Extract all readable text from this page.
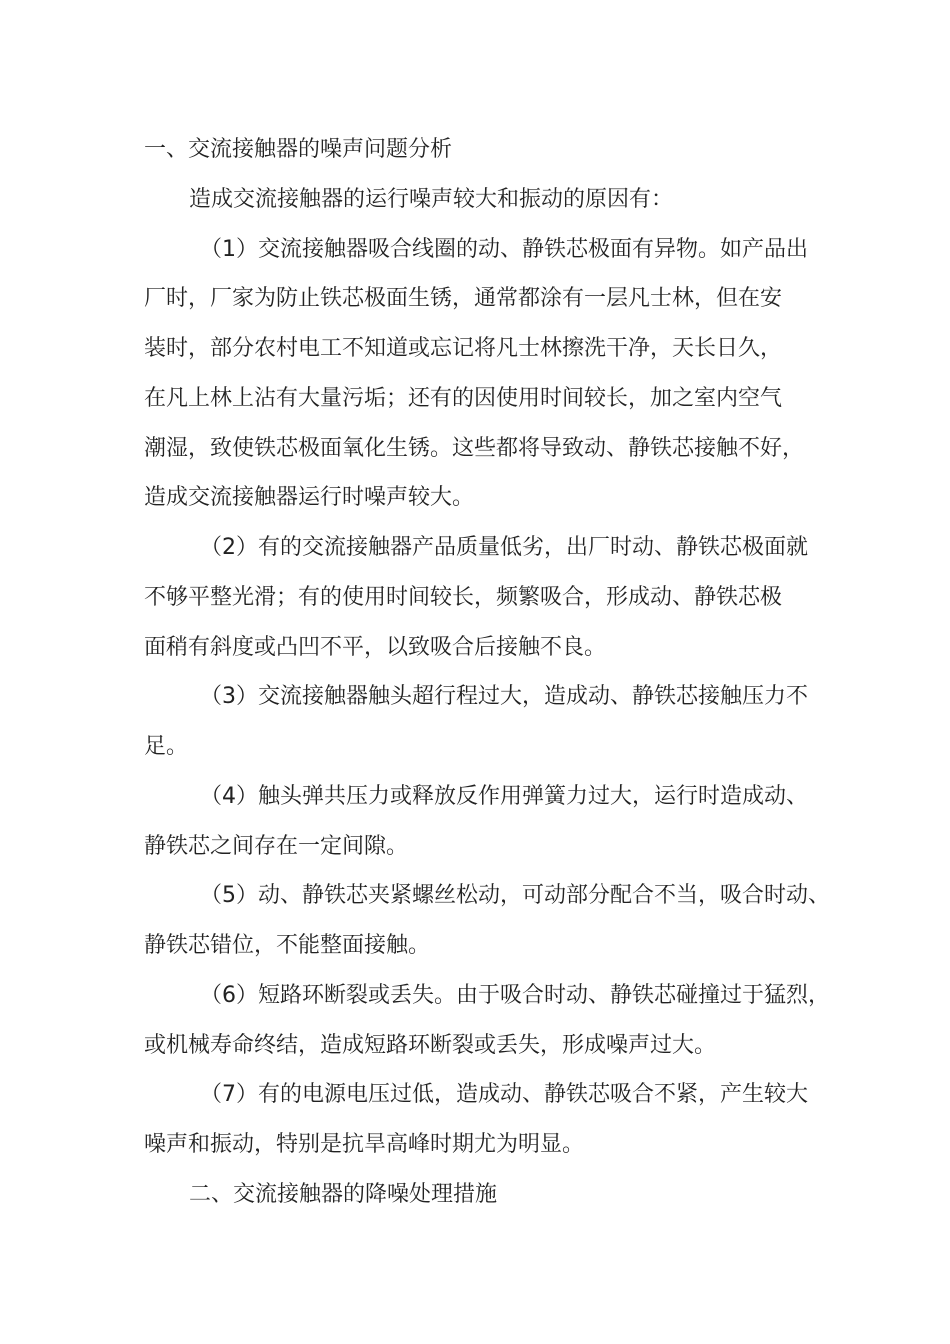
一、交流接触器的噪声问题分析
造成交流接触器的运行噪声较大和振动的原因有：
（1）交流接触器吸合线圈的动、静铁芯极面有异物。如产品出
厂时，厂家为防止铁芯极面生锈，通常都涂有一层凡士林，但在安
装时，部分农村电工不知道或忘记将凡士林擦洗干净，天长日久，
在凡上林上沾有大量污垢；还有的因使用时间较长，加之室内空气
潮湿，致使铁芯极面氧化生锈。这些都将导致动、静铁芯接触不好，
造成交流接触器运行时噪声较大。
（2）有的交流接触器产品质量低劣，出厂时动、静铁芯极面就
不够平整光滑；有的使用时间较长，频繁吸合，形成动、静铁芯极
面稍有斜度或凸凹不平，以致吸合后接触不良。
（3）交流接触器触头超行程过大，造成动、静铁芯接触压力不
足。
（4）触头弹共压力或释放反作用弹簧力过大，运行时造成动、
静铁芯之间存在一定间隙。
（5）动、静铁芯夹紧螺丝松动，可动部分配合不当，吸合时动、
静铁芯错位，不能整面接触。
（6）短路环断裂或丢失。由于吸合时动、静铁芯碰撞过于猛烈，
或机械寿命终结，造成短路环断裂或丢失，形成噪声过大。
（7）有的电源电压过低，造成动、静铁芯吸合不紧，产生较大
噪声和振动，特别是抗旱高峰时期尤为明显。
二、交流接触器的降噪处理措施
